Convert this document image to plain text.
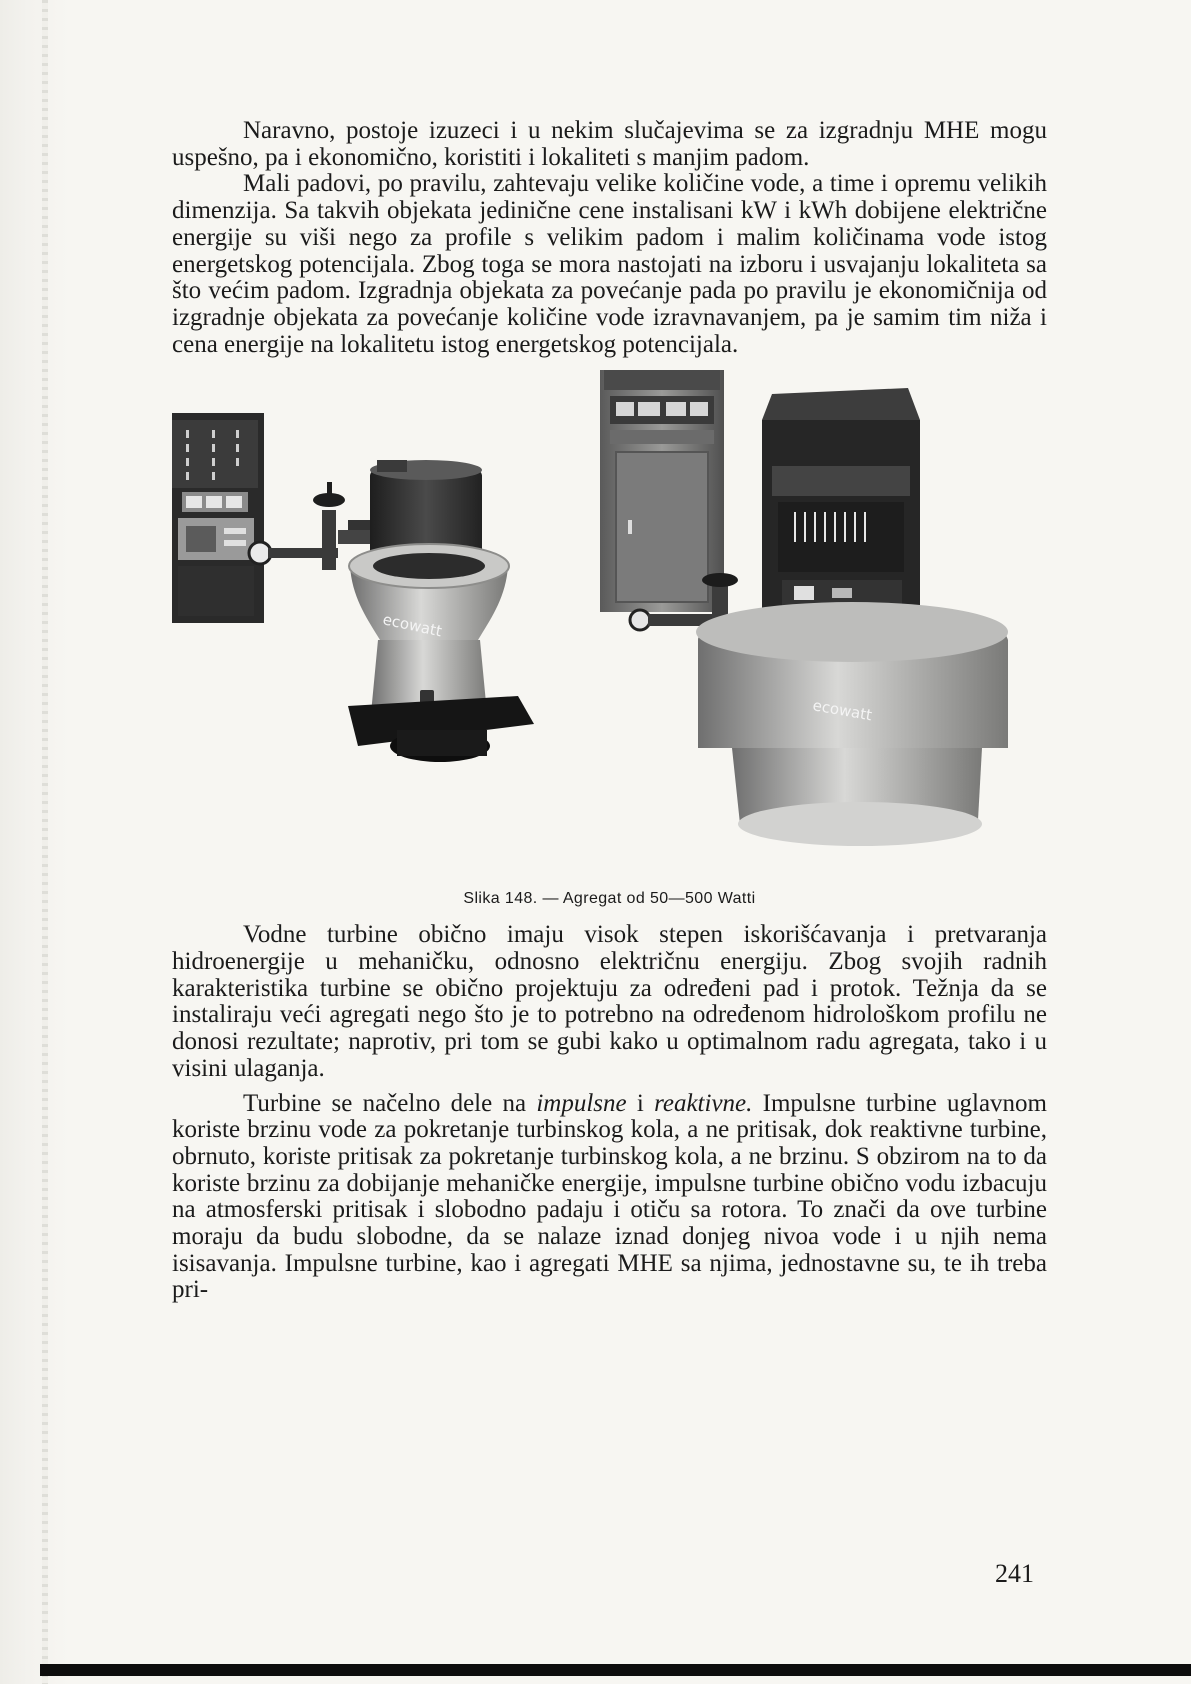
Naravno, postoje izuzeci i u nekim slučajevima se za izgradnju MHE mogu uspešno, pa i ekonomično, koristiti i lokaliteti s manjim padom.

Mali padovi, po pravilu, zahtevaju velike količine vode, a time i opremu velikih dimenzija. Sa takvih objekata jedinične cene instalisani kW i kWh dobijene električne energije su viši nego za profile s velikim padom i malim količinama vode istog energetskog potencijala. Zbog toga se mora nastojati na izboru i usvajanju lokaliteta sa što većim padom. Izgradnja objekata za povećanje pada po pravilu je ekonomičnija od izgradnje objekata za povećanje količine vode izravnavanjem, pa je samim tim niža i cena energije na lokalitetu istog energetskog potencijala.

ecowatt
ecowatt
Slika 148. — Agregat od 50—500 Watti

Vodne turbine obično imaju visok stepen iskorišćavanja i pretvaranja hidroenergije u mehaničku, odnosno električnu energiju. Zbog svojih radnih karakteristika turbine se obično projektuju za određeni pad i protok. Težnja da se instaliraju veći agregati nego što je to potrebno na određenom hidrološkom profilu ne donosi rezultate; naprotiv, pri tom se gubi kako u optimalnom radu agregata, tako i u visini ulaganja.

Turbine se načelno dele na impulsne i reaktivne. Impulsne turbine uglavnom koriste brzinu vode za pokretanje turbinskog kola, a ne pritisak, dok reaktivne turbine, obrnuto, koriste pritisak za pokretanje turbinskog kola, a ne brzinu. S obzirom na to da koriste brzinu za dobijanje mehaničke energije, impulsne turbine obično vodu izbacuju na atmosferski pritisak i slobodno padaju i otiču sa rotora. To znači da ove turbine moraju da budu slobodne, da se nalaze iznad donjeg nivoa vode i u njih nema isisavanja. Impulsne turbine, kao i agregati MHE sa njima, jednostavne su, te ih treba pri-

241
